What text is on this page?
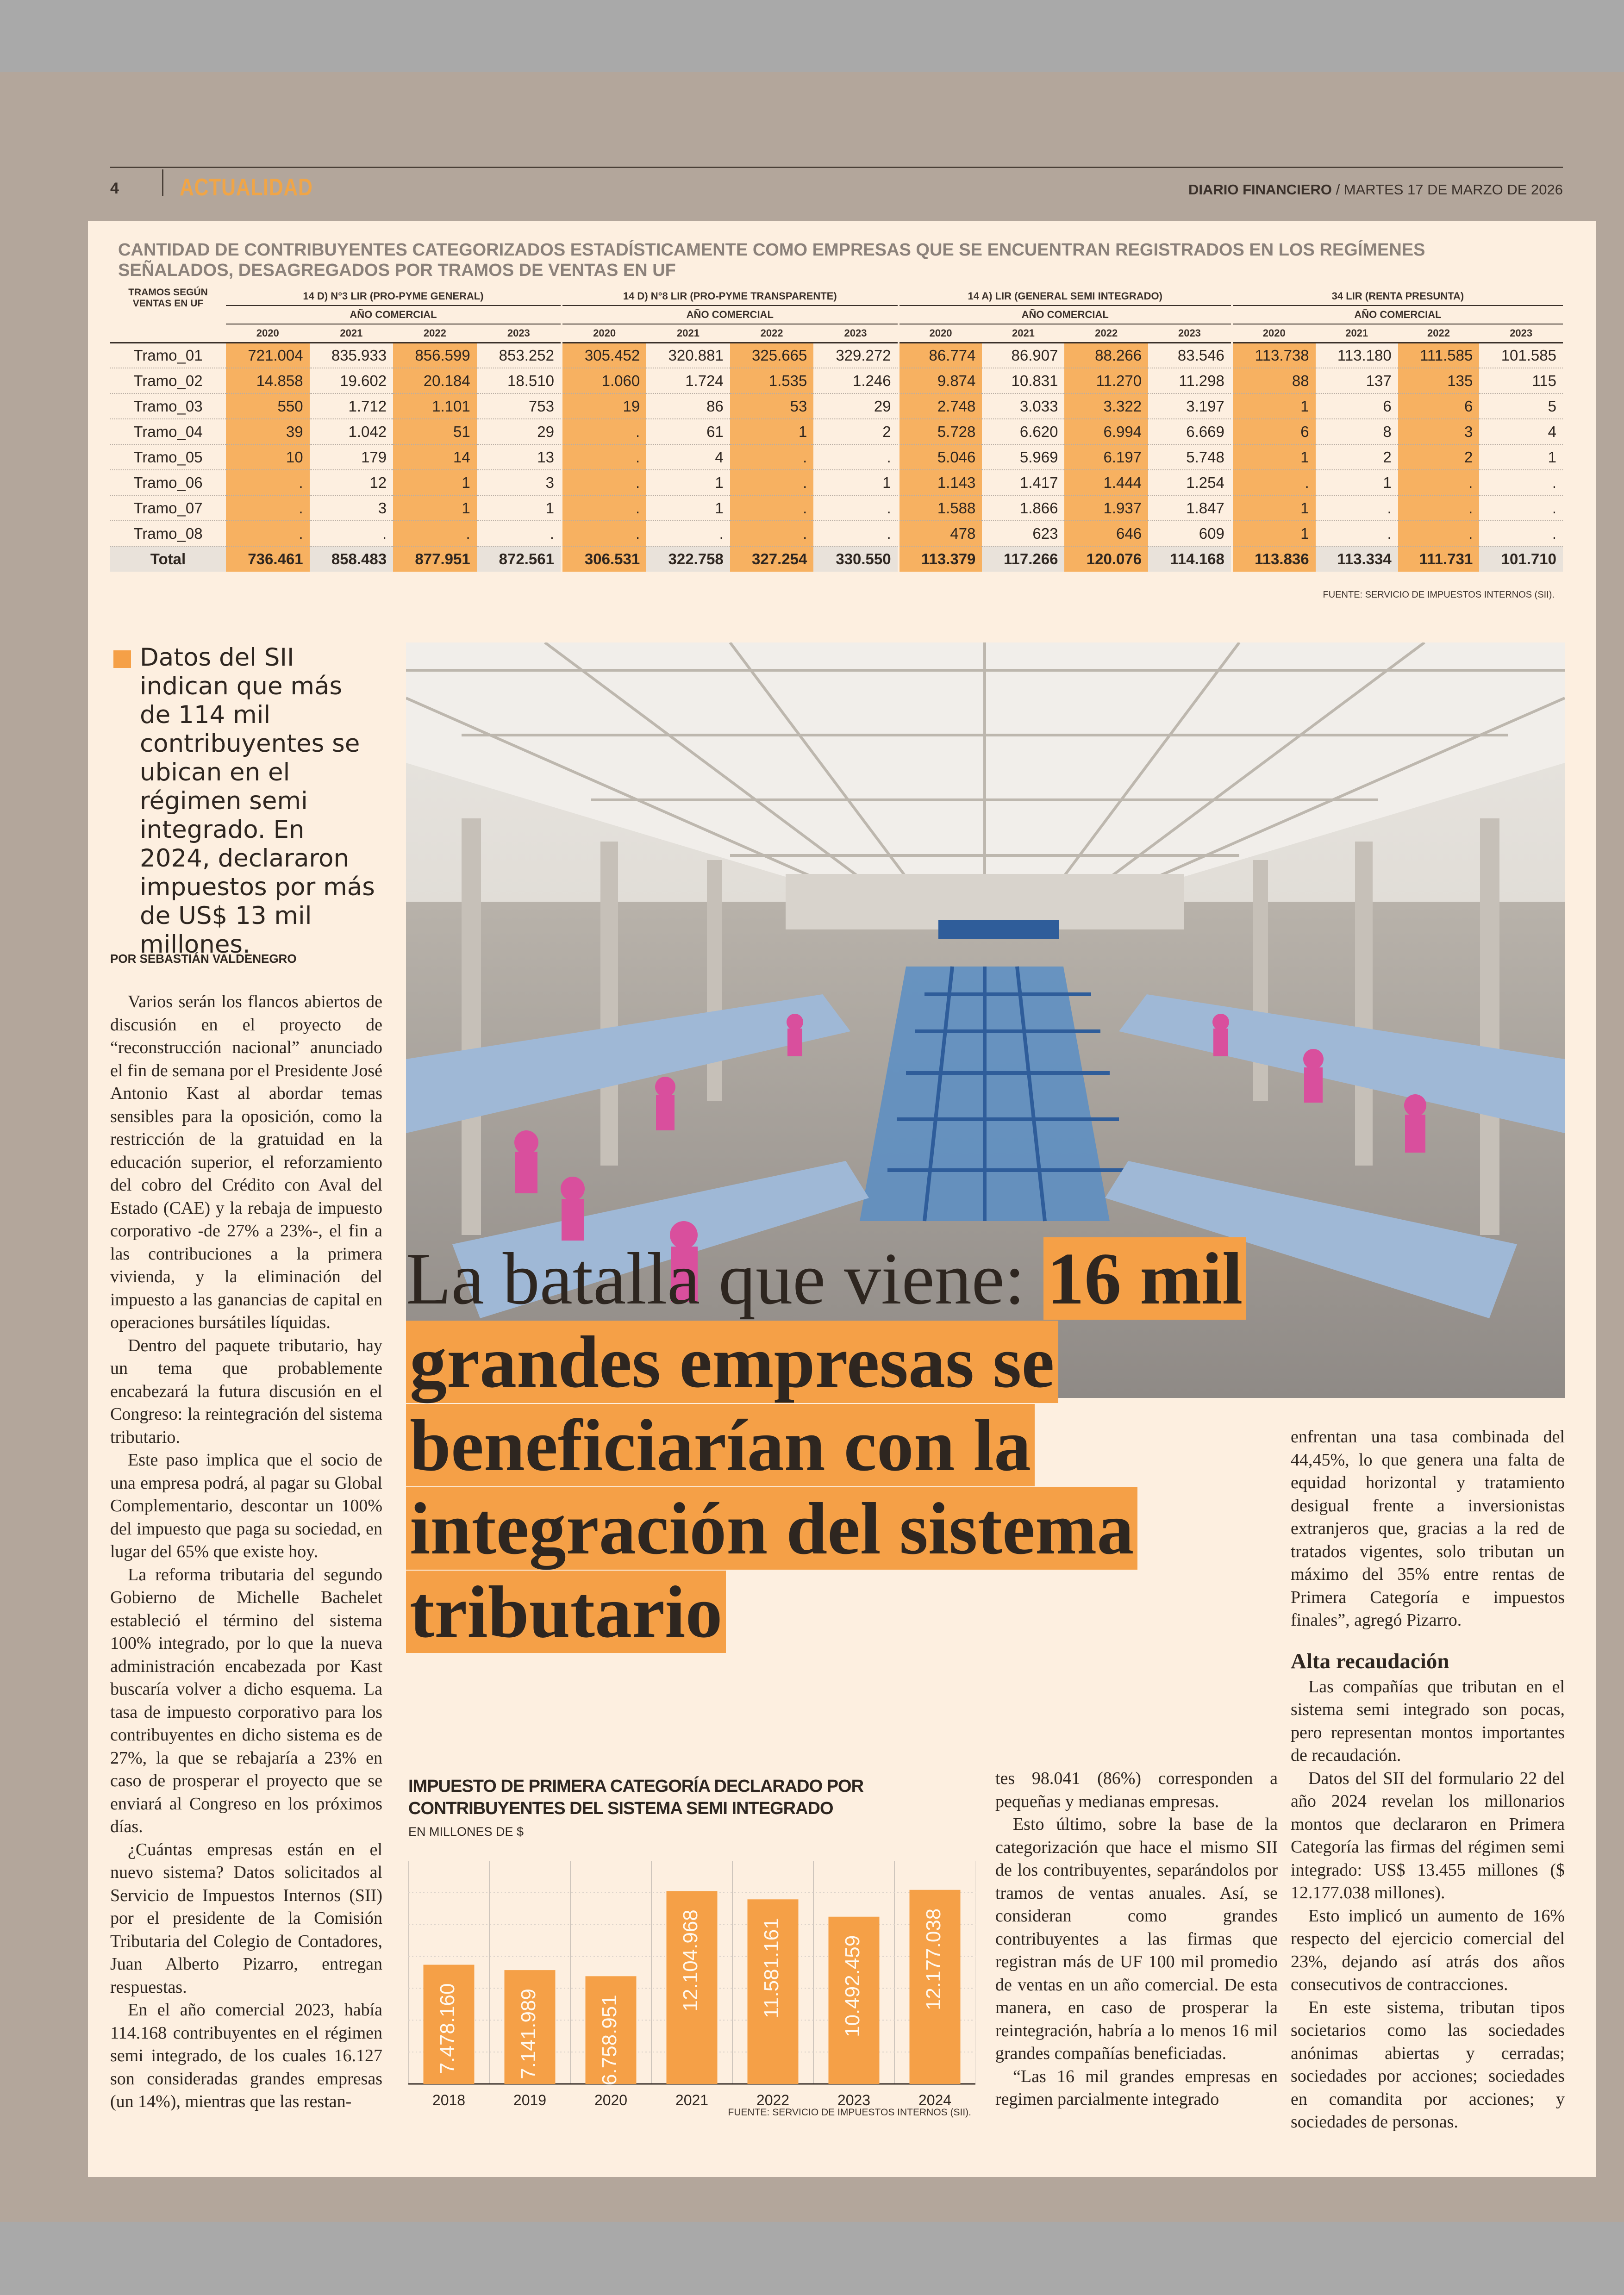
4	ACTUALIDAD	DIARIO FINANCIERO / MARTES 17 DE MARZO DE 2026
CANTIDAD DE CONTRIBUYENTES CATEGORIZADOS ESTADÍSTICAMENTE COMO EMPRESAS QUE SE ENCUENTRAN REGISTRADOS EN LOS REGÍMENES SEÑALADOS, DESAGREGADOS POR TRAMOS DE VENTAS EN UF
TRAMOS SEGÚN VENTAS EN UF	14 D) N°3 LIR (PRO-PYME GENERAL)				14 D) N°8 LIR (PRO-PYME TRANSPARENTE)				14 A) LIR (GENERAL SEMI INTEGRADO)				34 LIR (RENTA PRESUNTA)			
	AÑO COMERCIAL				AÑO COMERCIAL				AÑO COMERCIAL				AÑO COMERCIAL			
	2020	2021	2022	2023	2020	2021	2022	2023	2020	2021	2022	2023	2020	2021	2022	2023
Tramo_01	721.004	835.933	856.599	853.252	305.452	320.881	325.665	329.272	86.774	86.907	88.266	83.546	113.738	113.180	111.585	101.585
Tramo_02	14.858	19.602	20.184	18.510	1.060	1.724	1.535	1.246	9.874	10.831	11.270	11.298	88	137	135	115
Tramo_03	550	1.712	1.101	753	19	86	53	29	2.748	3.033	3.322	3.197	1	6	6	5
Tramo_04	39	1.042	51	29	.	61	1	2	5.728	6.620	6.994	6.669	6	8	3	4
Tramo_05	10	179	14	13	.	4	.	.	5.046	5.969	6.197	5.748	1	2	2	1
Tramo_06	.	12	1	3	.	1	.	1	1.143	1.417	1.444	1.254	.	1	.	.
Tramo_07	.	3	1	1	.	1	.	.	1.588	1.866	1.937	1.847	1	.	.	.
Tramo_08	.	.	.	.	.	.	.	.	478	623	646	609	1	.	.	.
Total	736.461	858.483	877.951	872.561	306.531	322.758	327.254	330.550	113.379	117.266	120.076	114.168	113.836	113.334	111.731	101.710
FUENTE: SERVICIO DE IMPUESTOS INTERNOS (SII).
Datos del SII indican que más de 114 mil contribuyentes se ubican en el régimen semi integrado. En 2024, declararon impuestos por más de US$ 13 mil millones.
POR SEBASTIÁN VALDENEGRO

Varios serán los flancos abiertos de discusión en el proyecto de “reconstrucción nacional” anunciado el fin de semana por el Presidente José Antonio Kast al abordar temas sensibles para la oposición, como la restricción de la gratuidad en la educación superior, el reforzamiento del cobro del Crédito con Aval del Estado (CAE) y la rebaja de impuesto corporativo -de 27% a 23%-, el fin a las contribuciones a la primera vivienda, y la eliminación del impuesto a las ganancias de capital en operaciones bursátiles líquidas.

Dentro del paquete tributario, hay un tema que probablemente encabezará la futura discusión en el Congreso: la reintegración del sistema tributario.

Este paso implica que el socio de una empresa podrá, al pagar su Global Complementario, descontar un 100% del impuesto que paga su sociedad, en lugar del 65% que existe hoy.

La reforma tributaria del segundo Gobierno de Michelle Bachelet estableció el término del sistema 100% integrado, por lo que la nueva administración encabezada por Kast buscaría volver a dicho esquema. La tasa de impuesto corporativo para los contribuyentes en dicho sistema es de 27%, la que se rebajaría a 23% en caso de prosperar el proyecto que se enviará al Congreso en los próximos días.

¿Cuántas empresas están en el nuevo sistema? Datos solicitados al Servicio de Impuestos Internos (SII) por el presidente de la Comisión Tributaria del Colegio de Contadores, Juan Alberto Pizarro, entregan respuestas.

En el año comercial 2023, había 114.168 contribuyentes en el régimen semi integrado, de los cuales 16.127 son consideradas grandes empresas (un 14%), mientras que las restan-

La batalla que viene: 16 mil grandes empresas se beneficiarían con la integración del sistema tributario

enfrentan una tasa combinada del 44,45%, lo que genera una falta de equidad horizontal y tratamiento desigual frente a inversionistas extranjeros que, gracias a la red de tratados vigentes, solo tributan un máximo del 35% entre rentas de Primera Categoría e impuestos finales”, agregó Pizarro.

Alta recaudación

Las compañías que tributan en el sistema semi integrado son pocas, pero representan montos importantes de recaudación.

Datos del SII del formulario 22 del año 2024 revelan los millonarios montos que declararon en Primera Categoría las firmas del régimen semi integrado: US$ 13.455 millones ($ 12.177.038 millones).

Esto implicó un aumento de 16% respecto del ejercicio comercial del 23%, dejando así atrás dos años consecutivos de contracciones.

En este sistema, tributan tipos societarios como las sociedades anónimas abiertas y cerradas; sociedades por acciones; sociedades en comandita por acciones; y sociedades de personas.

tes 98.041 (86%) corresponden a pequeñas y medianas empresas.

Esto último, sobre la base de la categorización que hace el mismo SII de los contribuyentes, separándolos por tramos de ventas anuales. Así, se consideran como grandes contribuyentes a las firmas que registran más de UF 100 mil promedio de ventas en un año comercial. De esta manera, en caso de prosperar la reintegración, habría a lo menos 16 mil grandes compañías beneficiadas.

“Las 16 mil grandes empresas en regimen parcialmente integrado

IMPUESTO DE PRIMERA CATEGORÍA DECLARADO POR CONTRIBUYENTES DEL SISTEMA SEMI INTEGRADO
EN MILLONES DE $
7.478.160
2018
7.141.989
2019
6.758.951
2020
12.104.968
2021
11.581.161
2022
10.492.459
2023
12.177.038
2024
FUENTE: SERVICIO DE IMPUESTOS INTERNOS (SII).
